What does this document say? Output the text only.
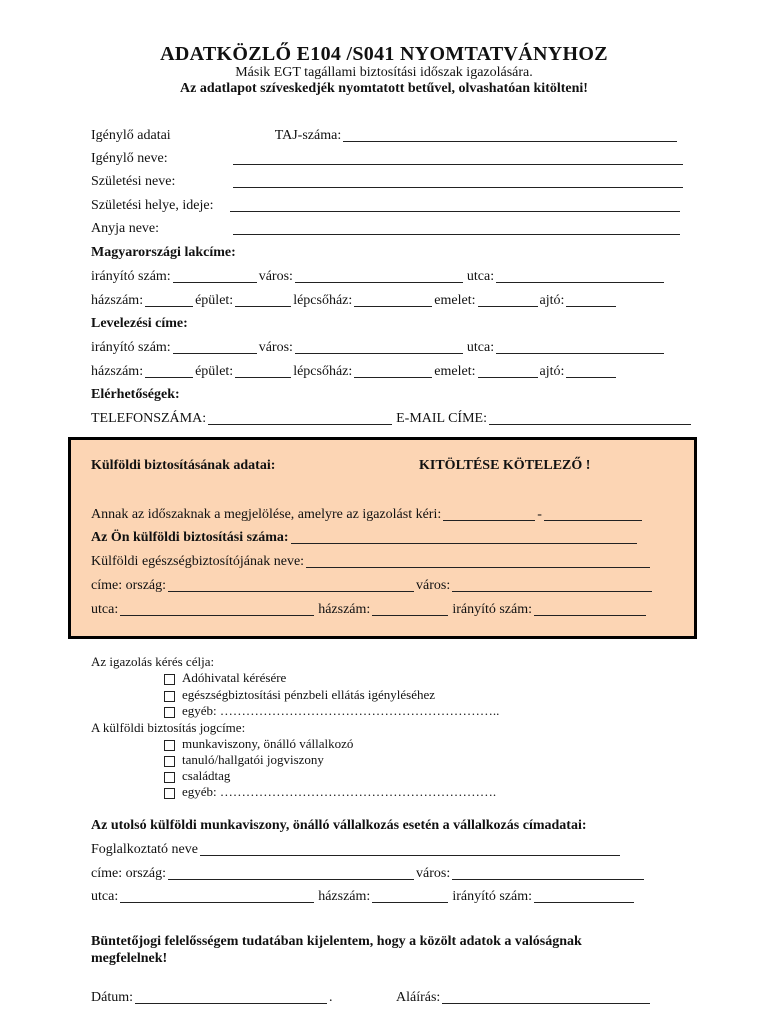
ADATKÖZLŐ E104 /S041 NYOMTATVÁNYHOZ
Másik EGT tagállami biztosítási időszak igazolására.
Az adatlapot szíveskedjék nyomtatott betűvel, olvashatóan kitölteni!
Igénylő adatai	TAJ-száma:
Igénylő neve:
Születési neve:
Születési helye, ideje:
Anyja neve:
Magyarországi lakcíme:
irányító szám:	város:	utca:
házszám:	épület:	lépcsőház:	emelet:	ajtó:
Levelezési címe:
irányító szám:	város:	utca:
házszám:	épület:	lépcsőház:	emelet:	ajtó:
Elérhetőségek:
TELEFONSZÁMA:	E-MAIL CÍME:
Külföldi biztosításának adatai:	KITÖLTÉSE KÖTELEZŐ !
Annak az időszaknak a megjelölése, amelyre az igazolást kéri:	-
Az Ön külföldi biztosítási száma:
Külföldi egészségbiztosítójának neve:
címe: ország:	város:
utca:	házszám:	irányító szám:
Az igazolás kérés célja:
Adóhivatal kérésére
egészségbiztosítási pénzbeli ellátás igényléséhez
egyéb: ………………………………………………………..
A külföldi biztosítás jogcíme:
munkaviszony, önálló vállalkozó
tanuló/hallgatói jogviszony
családtag
egyéb: ……………………………………………………….
Az utolsó külföldi munkaviszony, önálló vállalkozás esetén a vállalkozás címadatai:
Foglalkoztató neve
címe: ország:	város:
utca:	házszám:	irányító szám:
Büntetőjogi felelősségem tudatában kijelentem, hogy a közölt adatok a valóságnak
megfelelnek!
Dátum:	.	Aláírás:
